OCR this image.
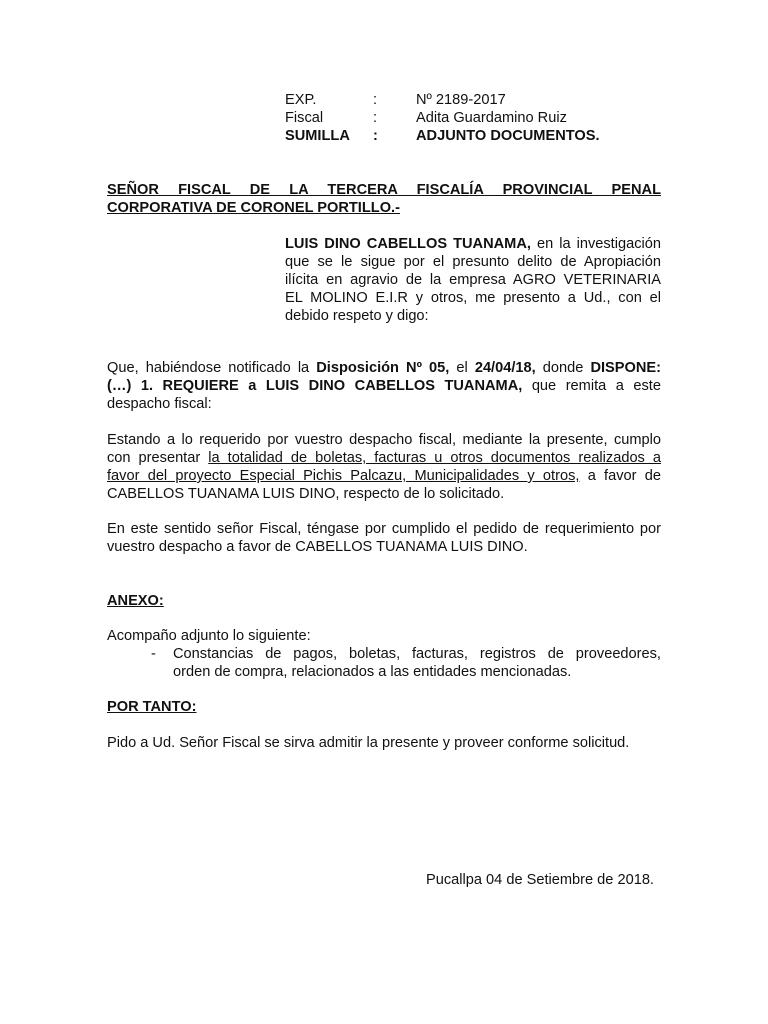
EXP.	:	Nº 2189-2017
Fiscal	:	Adita Guardamino Ruiz
SUMILLA :	ADJUNTO DOCUMENTOS.
SEÑOR FISCAL DE LA TERCERA FISCALÍA PROVINCIAL PENAL
CORPORATIVA DE CORONEL PORTILLO.-
LUIS DINO CABELLOS TUANAMA, en la investigación
que se le sigue por el presunto delito de Apropiación
ilícita en agravio de la empresa AGRO VETERINARIA
EL MOLINO E.I.R y otros, me presento a Ud., con el
debido respeto y digo:
Que, habiéndose notificado la Disposición Nº 05, el 24/04/18, donde DISPONE:
(…) 1. REQUIERE a LUIS DINO CABELLOS TUANAMA, que remita a este
despacho fiscal:
Estando a lo requerido por vuestro despacho fiscal, mediante la presente, cumplo
con presentar la totalidad de boletas, facturas u otros documentos realizados a
favor del proyecto Especial Pichis Palcazu, Municipalidades y otros, a favor de
CABELLOS TUANAMA LUIS DINO, respecto de lo solicitado.
En este sentido señor Fiscal, téngase por cumplido el pedido de requerimiento por
vuestro despacho a favor de CABELLOS TUANAMA LUIS DINO.
ANEXO:
Acompaño adjunto lo siguiente:
- Constancias de pagos, boletas, facturas, registros de proveedores,
orden de compra, relacionados a las entidades mencionadas.
POR TANTO:
Pido a Ud. Señor Fiscal se sirva admitir la presente y proveer conforme solicitud.
Pucallpa 04 de Setiembre de 2018.
